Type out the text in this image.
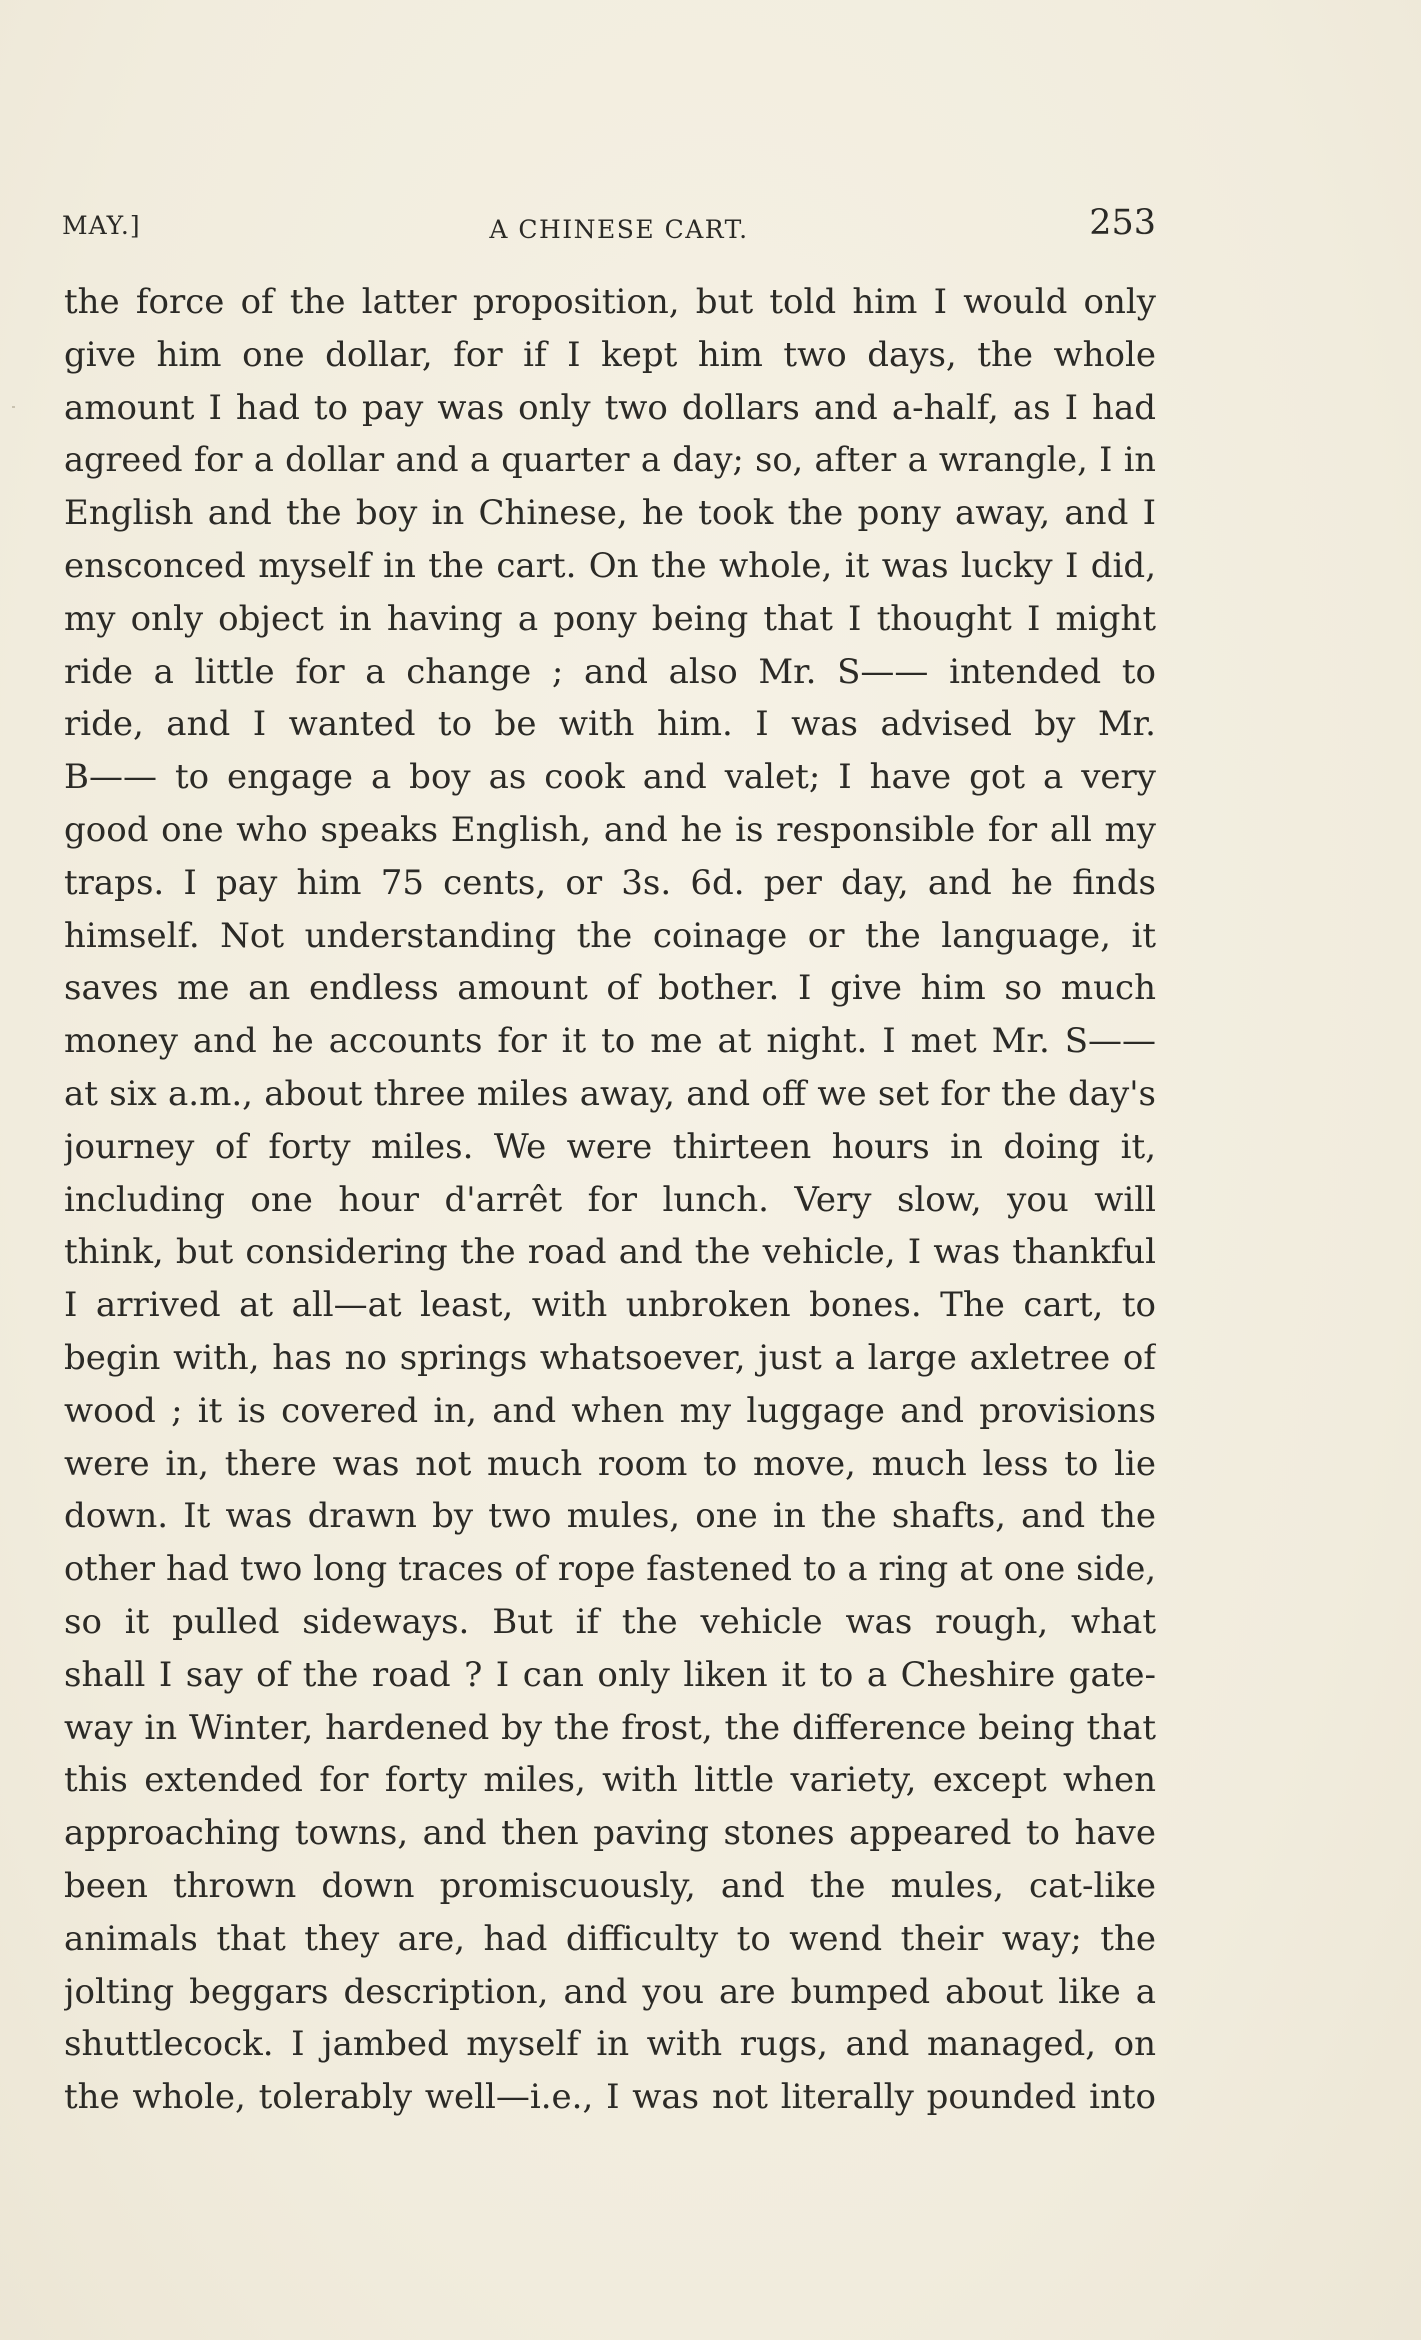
MAY.]	A CHINESE CART.	253
the force of the latter proposition, but told him I would only
give him one dollar, for if I kept him two days, the whole
amount I had to pay was only two dollars and a-half, as I had
agreed for a dollar and a quarter a day; so, after a wrangle, I in
English and the boy in Chinese, he took the pony away, and I
ensconced myself in the cart. On the whole, it was lucky I did,
my only object in having a pony being that I thought I might
ride a little for a change ; and also Mr. S—— intended to
ride, and I wanted to be with him. I was advised by Mr.
B—— to engage a boy as cook and valet; I have got a very
good one who speaks English, and he is responsible for all my
traps. I pay him 75 cents, or 3s. 6d. per day, and he finds
himself. Not understanding the coinage or the language, it
saves me an endless amount of bother. I give him so much
money and he accounts for it to me at night. I met Mr. S——
at six a.m., about three miles away, and off we set for the day's
journey of forty miles. We were thirteen hours in doing it,
including one hour d'arrêt for lunch. Very slow, you will
think, but considering the road and the vehicle, I was thankful
I arrived at all—at least, with unbroken bones. The cart, to
begin with, has no springs whatsoever, just a large axletree of
wood ; it is covered in, and when my luggage and provisions
were in, there was not much room to move, much less to lie
down. It was drawn by two mules, one in the shafts, and the
other had two long traces of rope fastened to a ring at one side,
so it pulled sideways. But if the vehicle was rough, what
shall I say of the road ? I can only liken it to a Cheshire gate-
way in Winter, hardened by the frost, the difference being that
this extended for forty miles, with little variety, except when
approaching towns, and then paving stones appeared to have
been thrown down promiscuously, and the mules, cat-like
animals that they are, had difficulty to wend their way; the
jolting beggars description, and you are bumped about like a
shuttlecock. I jambed myself in with rugs, and managed, on
the whole, tolerably well—i.e., I was not literally pounded into
